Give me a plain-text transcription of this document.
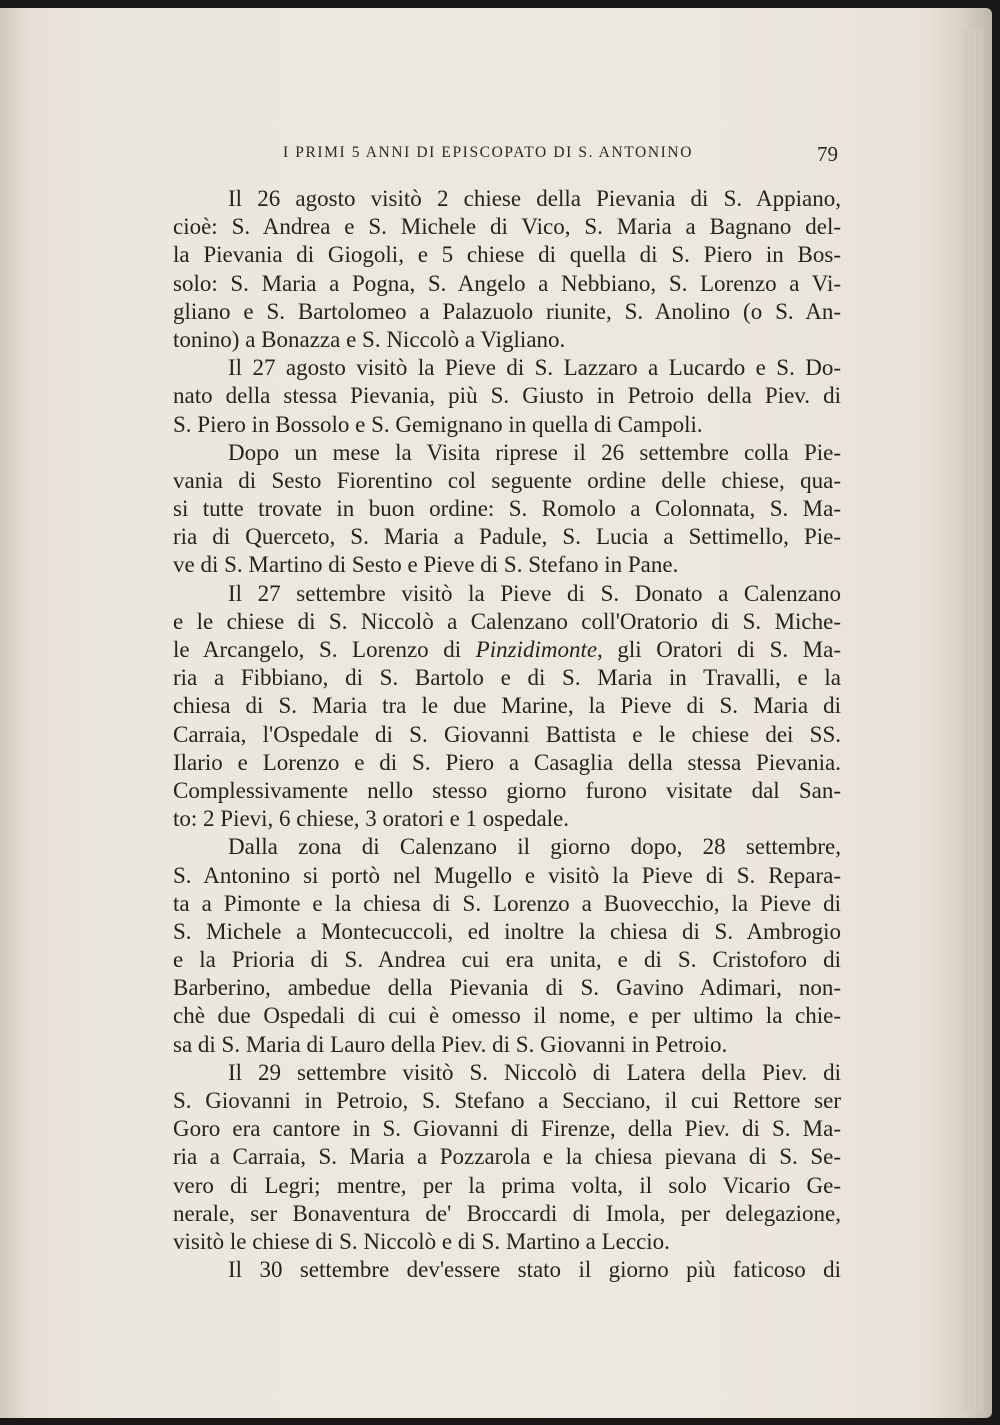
I PRIMI 5 ANNI DI EPISCOPATO DI S. ANTONINO	79
Il 26 agosto visitò 2 chiese della Pievania di S. Appiano,
cioè: S. Andrea e S. Michele di Vico, S. Maria a Bagnano del-
la Pievania di Giogoli, e 5 chiese di quella di S. Piero in Bos-
solo: S. Maria a Pogna, S. Angelo a Nebbiano, S. Lorenzo a Vi-
gliano e S. Bartolomeo a Palazuolo riunite, S. Anolino (o S. An-
tonino) a Bonazza e S. Niccolò a Vigliano.
Il 27 agosto visitò la Pieve di S. Lazzaro a Lucardo e S. Do-
nato della stessa Pievania, più S. Giusto in Petroio della Piev. di
S. Piero in Bossolo e S. Gemignano in quella di Campoli.
Dopo un mese la Visita riprese il 26 settembre colla Pie-
vania di Sesto Fiorentino col seguente ordine delle chiese, qua-
si tutte trovate in buon ordine: S. Romolo a Colonnata, S. Ma-
ria di Querceto, S. Maria a Padule, S. Lucia a Settimello, Pie-
ve di S. Martino di Sesto e Pieve di S. Stefano in Pane.
Il 27 settembre visitò la Pieve di S. Donato a Calenzano
e le chiese di S. Niccolò a Calenzano coll'Oratorio di S. Miche-
le Arcangelo, S. Lorenzo di Pinzidimonte, gli Oratori di S. Ma-
ria a Fibbiano, di S. Bartolo e di S. Maria in Travalli, e la
chiesa di S. Maria tra le due Marine, la Pieve di S. Maria di
Carraia, l'Ospedale di S. Giovanni Battista e le chiese dei SS.
Ilario e Lorenzo e di S. Piero a Casaglia della stessa Pievania.
Complessivamente nello stesso giorno furono visitate dal San-
to: 2 Pievi, 6 chiese, 3 oratori e 1 ospedale.
Dalla zona di Calenzano il giorno dopo, 28 settembre,
S. Antonino si portò nel Mugello e visitò la Pieve di S. Repara-
ta a Pimonte e la chiesa di S. Lorenzo a Buovecchio, la Pieve di
S. Michele a Montecuccoli, ed inoltre la chiesa di S. Ambrogio
e la Prioria di S. Andrea cui era unita, e di S. Cristoforo di
Barberino, ambedue della Pievania di S. Gavino Adimari, non-
chè due Ospedali di cui è omesso il nome, e per ultimo la chie-
sa di S. Maria di Lauro della Piev. di S. Giovanni in Petroio.
Il 29 settembre visitò S. Niccolò di Latera della Piev. di
S. Giovanni in Petroio, S. Stefano a Secciano, il cui Rettore ser
Goro era cantore in S. Giovanni di Firenze, della Piev. di S. Ma-
ria a Carraia, S. Maria a Pozzarola e la chiesa pievana di S. Se-
vero di Legri; mentre, per la prima volta, il solo Vicario Ge-
nerale, ser Bonaventura de' Broccardi di Imola, per delegazione,
visitò le chiese di S. Niccolò e di S. Martino a Leccio.
Il 30 settembre dev'essere stato il giorno più faticoso di
